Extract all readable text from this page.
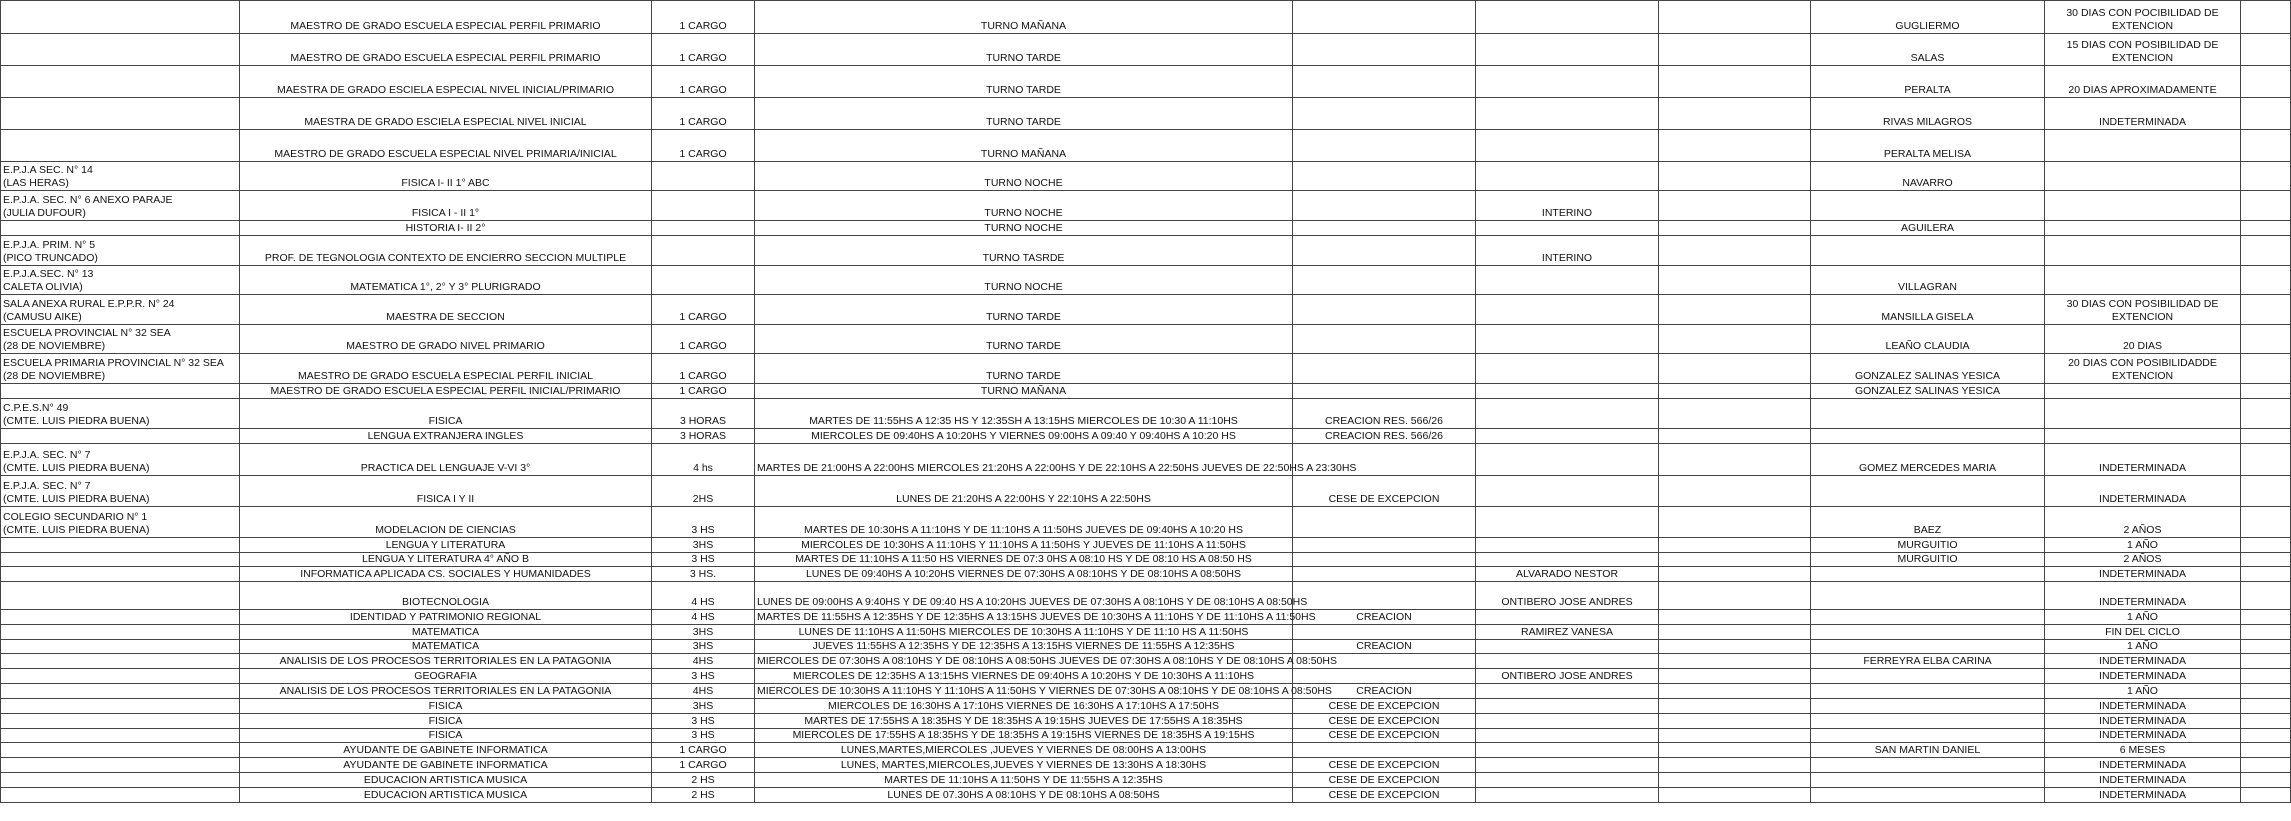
	MAESTRO DE GRADO ESCUELA ESPECIAL PERFIL PRIMARIO	1 CARGO	TURNO MAÑANA				GUGLIERMO	30 DIAS CON POCIBILIDAD DE
EXTENCION	
	MAESTRO DE GRADO ESCUELA ESPECIAL PERFIL PRIMARIO	1 CARGO	TURNO TARDE				SALAS	15 DIAS CON POSIBILIDAD DE
EXTENCION	
	MAESTRA DE GRADO ESCIELA ESPECIAL NIVEL INICIAL/PRIMARIO	1 CARGO	TURNO TARDE				PERALTA	20 DIAS APROXIMADAMENTE	
	MAESTRA DE GRADO ESCIELA ESPECIAL NIVEL INICIAL	1 CARGO	TURNO TARDE				RIVAS MILAGROS	INDETERMINADA	
	MAESTRO DE GRADO ESCUELA ESPECIAL NIVEL PRIMARIA/INICIAL	1 CARGO	TURNO MAÑANA				PERALTA MELISA		
E.P.J.A SEC. N° 14
(LAS HERAS)	FISICA I- II 1° ABC		TURNO NOCHE				NAVARRO		
E.P.J.A. SEC. N° 6 ANEXO PARAJE
(JULIA DUFOUR)	FISICA I - II 1°		TURNO NOCHE		INTERINO				
	HISTORIA I- II 2°		TURNO NOCHE				AGUILERA		
E.P.J.A. PRIM. N° 5
(PICO TRUNCADO)	PROF. DE TEGNOLOGIA CONTEXTO DE ENCIERRO SECCION MULTIPLE		TURNO TASRDE		INTERINO				
E.P.J.A.SEC. N° 13
CALETA OLIVIA)	MATEMATICA 1°, 2° Y 3° PLURIGRADO		TURNO NOCHE				VILLAGRAN		
SALA ANEXA RURAL E.P.P.R. N° 24
(CAMUSU AIKE)	MAESTRA DE SECCION	1 CARGO	TURNO TARDE				MANSILLA GISELA	30 DIAS CON POSIBILIDAD DE
EXTENCION	
ESCUELA PROVINCIAL N° 32 SEA
(28 DE NOVIEMBRE)	MAESTRO DE GRADO NIVEL PRIMARIO	1 CARGO	TURNO TARDE				LEAÑO CLAUDIA	20 DIAS	
ESCUELA PRIMARIA PROVINCIAL N° 32 SEA
(28 DE NOVIEMBRE)	MAESTRO DE GRADO ESCUELA ESPECIAL PERFIL INICIAL	1 CARGO	TURNO TARDE				GONZALEZ SALINAS YESICA	20 DIAS CON POSIBILIDADDE
EXTENCION	
	MAESTRO DE GRADO ESCUELA ESPECIAL PERFIL INICIAL/PRIMARIO	1 CARGO	TURNO MAÑANA				GONZALEZ SALINAS YESICA		
C.P.E.S.N° 49
(CMTE. LUIS PIEDRA BUENA)	FISICA	3 HORAS	MARTES DE 11:55HS A 12:35 HS Y 12:35SH A 13:15HS MIERCOLES DE 10:30 A 11:10HS	CREACION RES. 566/26					
	LENGUA EXTRANJERA INGLES	3 HORAS	MIERCOLES DE 09:40HS A 10:20HS Y VIERNES 09:00HS A 09:40 Y 09:40HS A 10:20 HS	CREACION RES. 566/26					
E.P.J.A. SEC. N° 7
(CMTE. LUIS PIEDRA BUENA)	PRACTICA DEL LENGUAJE V-VI 3°	4 hs	MARTES DE 21:00HS A 22:00HS MIERCOLES 21:20HS A 22:00HS Y DE 22:10HS A 22:50HS JUEVES DE 22:50HS A 23:30HS				GOMEZ MERCEDES MARIA	INDETERMINADA	
E.P.J.A. SEC. N° 7
(CMTE. LUIS PIEDRA BUENA)	FISICA I Y II	2HS	LUNES DE 21:20HS A 22:00HS Y 22:10HS A 22:50HS	CESE DE EXCEPCION				INDETERMINADA	
COLEGIO SECUNDARIO N° 1
(CMTE. LUIS PIEDRA BUENA)	MODELACION DE CIENCIAS	3 HS	MARTES DE 10:30HS A 11:10HS Y DE 11:10HS A 11:50HS JUEVES DE 09:40HS A 10:20 HS				BAEZ	2 AÑOS	
	LENGUA Y LITERATURA	3HS	MIERCOLES DE 10:30HS A 11:10HS Y 11:10HS A 11:50HS Y JUEVES DE 11:10HS A 11:50HS				MURGUITIO	1 AÑO	
	LENGUA Y LITERATURA 4° AÑO B	3 HS	MARTES DE 11:10HS A 11:50 HS VIERNES DE 07:3 0HS A 08:10 HS Y DE 08:10 HS A 08:50 HS				MURGUITIO	2 AÑOS	
	INFORMATICA APLICADA CS. SOCIALES Y HUMANIDADES	3 HS.	LUNES DE 09:40HS A 10:20HS VIERNES DE 07:30HS A 08:10HS Y DE 08:10HS A 08:50HS		ALVARADO NESTOR			INDETERMINADA	
	BIOTECNOLOGIA	4 HS	LUNES DE 09:00HS A 9:40HS Y DE 09:40 HS A 10:20HS JUEVES DE 07:30HS A 08:10HS Y DE 08:10HS A 08:50HS		ONTIBERO JOSE ANDRES			INDETERMINADA	
	IDENTIDAD Y PATRIMONIO REGIONAL	4 HS	MARTES DE 11:55HS A 12:35HS Y DE 12:35HS A 13:15HS JUEVES DE 10:30HS A 11:10HS Y DE 11:10HS A 11:50HS	CREACION				1 AÑO	
	MATEMATICA	3HS	LUNES DE 11:10HS A 11:50HS MIERCOLES DE 10:30HS A 11:10HS Y DE 11:10 HS A 11:50HS		RAMIREZ VANESA			FIN DEL CICLO	
	MATEMATICA	3HS	JUEVES 11:55HS A 12:35HS Y DE 12:35HS A 13:15HS VIERNES DE 11:55HS A 12:35HS	CREACION				1 AÑO	
	ANALISIS DE LOS PROCESOS TERRITORIALES EN LA PATAGONIA	4HS	MIERCOLES DE 07:30HS A 08:10HS Y DE 08:10HS A 08:50HS JUEVES DE 07:30HS A 08:10HS Y DE 08:10HS A 08:50HS				FERREYRA ELBA CARINA	INDETERMINADA	
	GEOGRAFIA	3 HS	MIERCOLES DE 12:35HS A 13:15HS VIERNES DE 09:40HS A 10:20HS Y DE 10:30HS A 11:10HS		ONTIBERO JOSE ANDRES			INDETERMINADA	
	ANALISIS DE LOS PROCESOS TERRITORIALES EN LA PATAGONIA	4HS	MIERCOLES DE 10:30HS A 11:10HS Y 11:10HS A 11:50HS Y VIERNES DE 07:30HS A 08:10HS Y DE 08:10HS A 08:50HS	CREACION				1 AÑO	
	FISICA	3HS	MIERCOLES DE 16:30HS A 17:10HS VIERNES DE 16:30HS A 17:10HS A 17:50HS	CESE DE EXCEPCION				INDETERMINADA	
	FISICA	3 HS	MARTES DE 17:55HS A 18:35HS Y DE 18:35HS A 19:15HS JUEVES DE 17:55HS A 18:35HS	CESE DE EXCEPCION				INDETERMINADA	
	FISICA	3 HS	MIERCOLES DE 17:55HS A 18:35HS Y DE 18:35HS A 19:15HS VIERNES DE 18:35HS A 19:15HS	CESE DE EXCEPCION				INDETERMINADA	
	AYUDANTE DE GABINETE INFORMATICA	1 CARGO	LUNES,MARTES,MIERCOLES ,JUEVES Y VIERNES DE 08:00HS A 13:00HS				SAN MARTIN DANIEL	6 MESES	
	AYUDANTE DE GABINETE INFORMATICA	1 CARGO	LUNES, MARTES,MIERCOLES,JUEVES Y VIERNES DE 13:30HS A 18:30HS	CESE DE EXCEPCION				INDETERMINADA	
	EDUCACION ARTISTICA MUSICA	2 HS	MARTES DE 11:10HS A 11:50HS Y DE 11:55HS A 12:35HS	CESE DE EXCEPCION				INDETERMINADA	
	EDUCACION ARTISTICA MUSICA	2 HS	LUNES DE 07.30HS A 08:10HS Y DE 08:10HS A 08:50HS	CESE DE EXCEPCION				INDETERMINADA	
